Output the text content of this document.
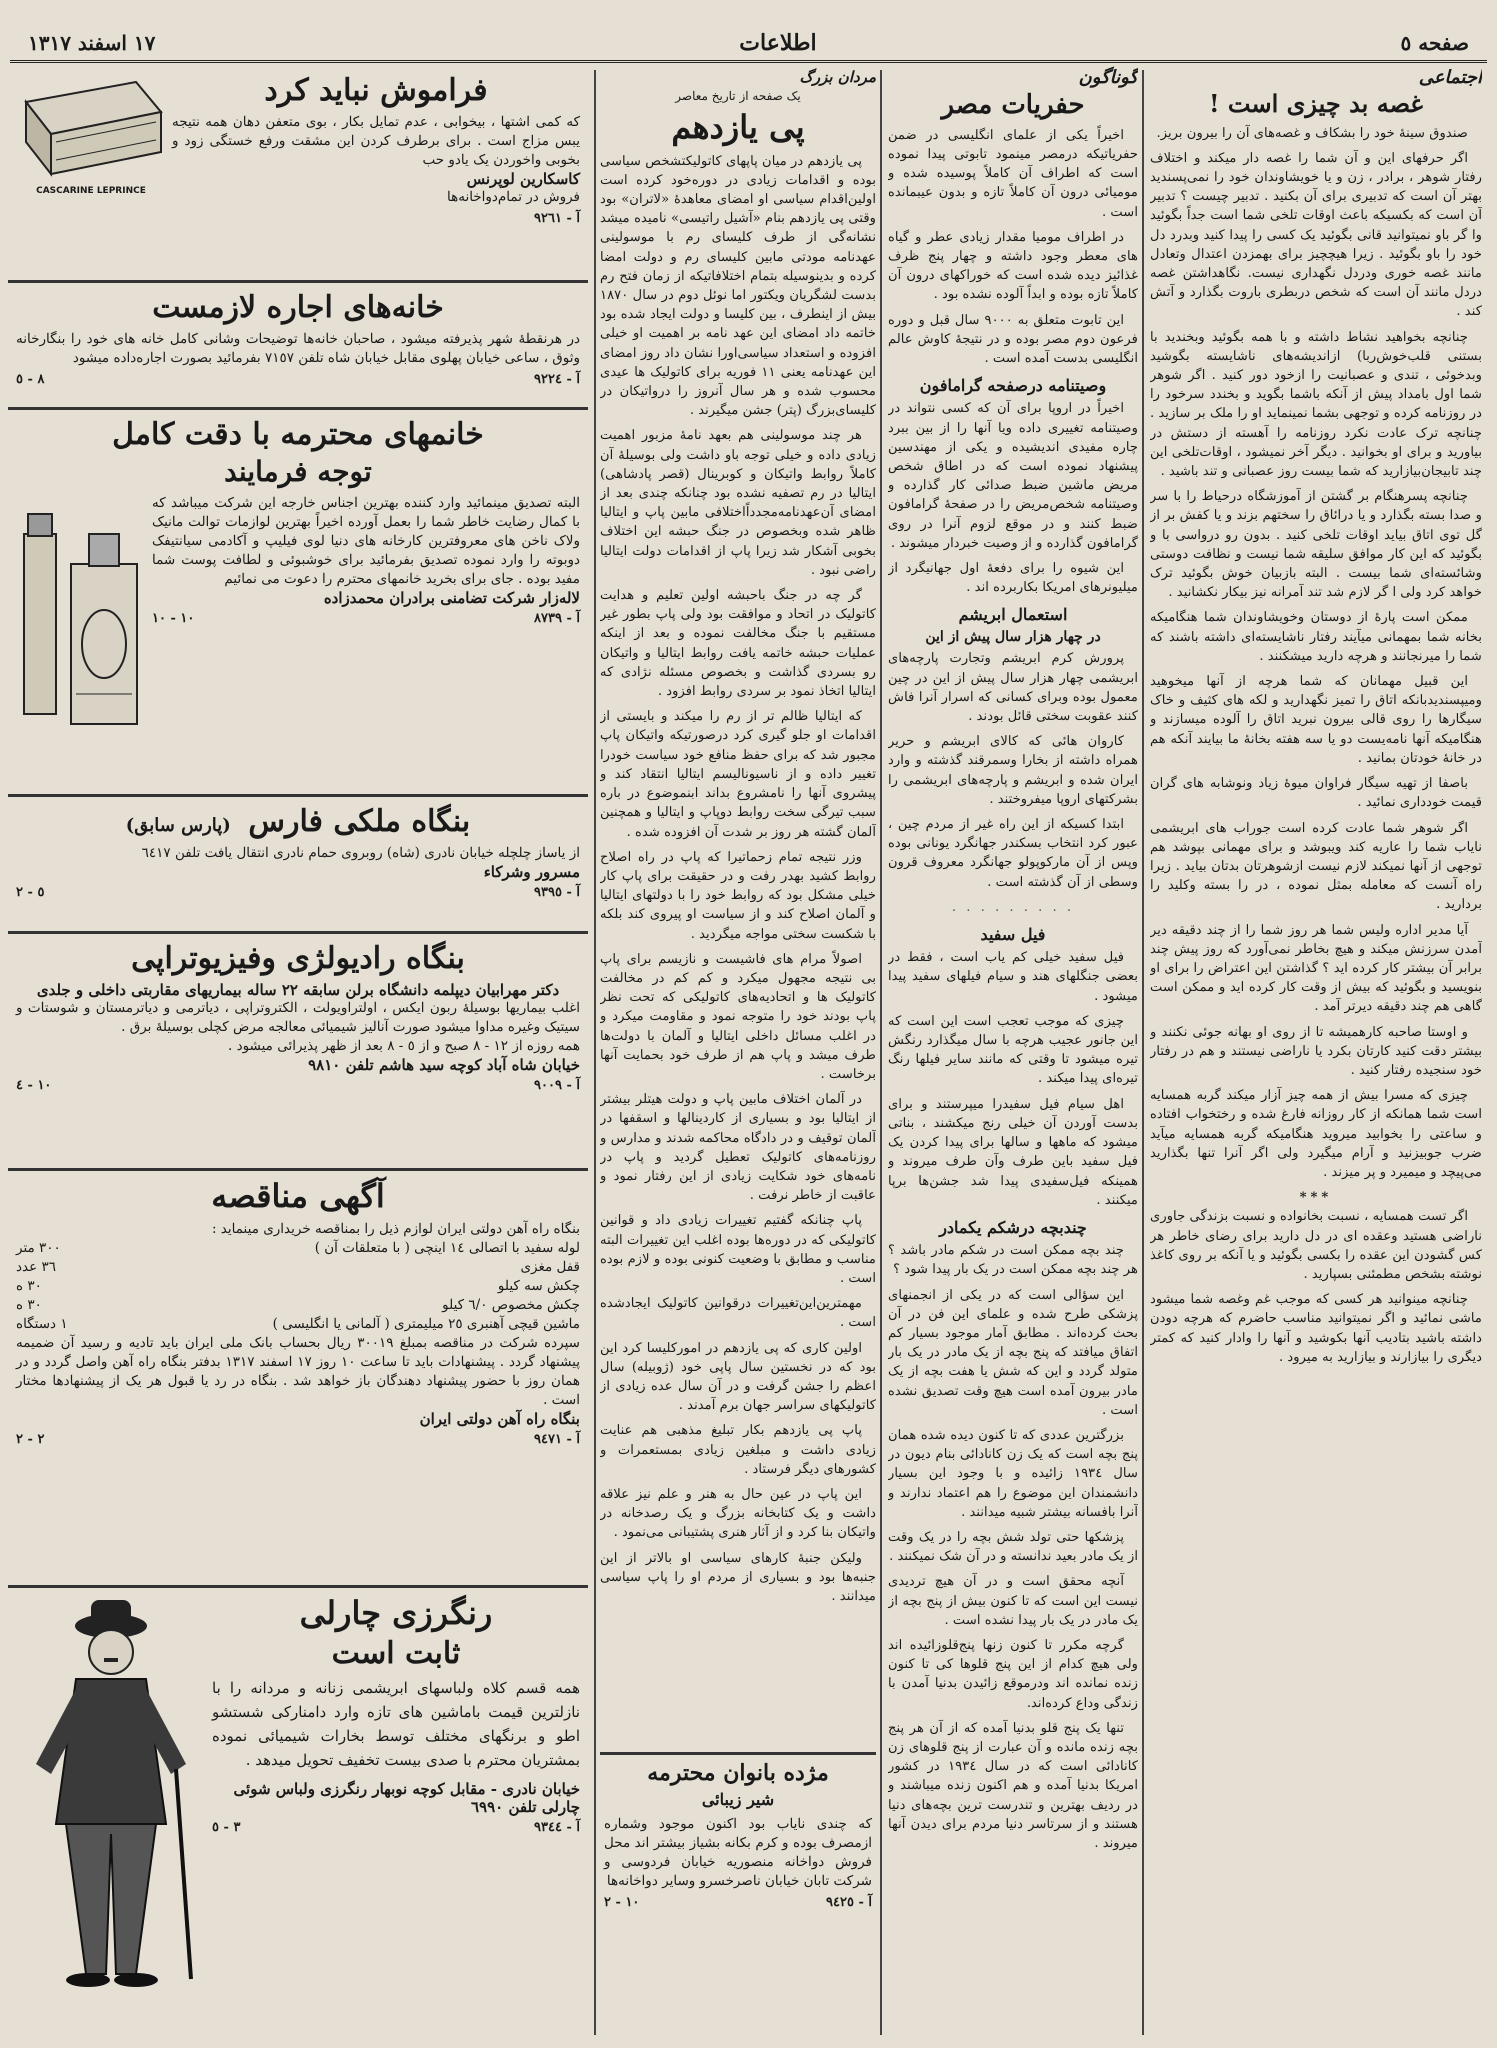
صفحه ٥
اطلاعات
١٧ اسفند ١٣١٧
اجتماعی
غصه بد چیزی است !

صندوق سینهٔ خود را بشکاف و غصه‌های آن را بیرون بریز.

اگر حرفهای این و آن شما را غصه دار میکند و اختلاف رفتار شوهر ، برادر ، زن و یا خویشاوندان خود را نمی‌پسندید بهتر آن است که تدبیری برای آن بکنید . تدبیر چیست ؟ تدبیر آن است که بکسیکه باعث اوقات تلخی شما است جداً بگوئید وا گر باو نمیتوانید قانی بگوئید یک کسی را پیدا کنید وبدرد دل خود را باو بگوئید . زیرا هیچچیز برای بهمزدن اعتدال وتعادل مانند غصه خوری ودردل نگهداری نیست. نگاهداشتن غصه دردل مانند آن است که شخص دربطری باروت بگذارد و آتش کند .

چنانچه بخواهید نشاط داشته و با همه بگوئید وبخندید با بستنی قلب‌خوش‌ربا) ازاندیشه‌های ناشایسته بگوشید وبدخوئی ، تندی و عصبانیت را ازخود دور کنید . اگر شوهر شما اول بامداد پیش از آنکه باشما بگوید و بخندد سرخود را در روزنامه کرده و توجهی بشما نمینماید او را ملک بر سازید . چنانچه ترک عادت نکرد روزنامه را آهسته از دستش در بیاورید و برای او بخوانید . دیگر آخر نمیشود ، اوقات‌تلخی این چند تابیجان‌بیازارید که شما بیست روز عصبانی و تند باشید .

چنانچه پسرهنگام بر گشتن از آموزشگاه درحیاط را با سر و صدا بسته بگذارد و یا درائاق را سختهم بزند و یا کفش بر از گل توی اتاق بیاید اوقات تلخی کنید . بدون رو دروا‌سی با و بگوئید که این کار موافق سلیقه شما نیست و نظافت دوستی وشائسته‌ای شما بیست . البته بازبیان خوش بگوئید ترک خواهد کرد ولی ا گر لازم شد تند آمرانه نیز بیکار نکشانید .

ممکن است پارهٔ از دوستان وخویشاوندان شما هنگامیکه بخانه شما بمهمانی میآیند رفتار ناشایسته‌ای داشته باشند که شما را میرنجانند و هرچه دارید میشکنند .

این قبیل مهمانان که شما هرچه از آنها میخوهید ومیپسندید‌بانکه اتاق را تمیز نگهدارید و لکه های کثیف و خاک سیگارها را روی قالی بیرون نبرید اتاق را آلوده میسازند و هنگامیکه آنها نامه‌یست دو یا سه هفته بخانهٔ ما بیایند آنکه هم در خانهٔ خودتان بمانید .

باصفا از تهیه سیگار فراوان میوهٔ زیاد ونوشابه های گران قیمت خودداری نمائید .

اگر شوهر شما عادت کرده است جوراب های ابریشمی نایاب شما را عاریه کند ویبوشد و برای مهمانی بپوشد هم توجهی از آنها نمیکند لازم نیست ازشوهرتان بدتان بیاید . زیرا راه آنست که معامله بمثل نموده ، در را بسته وکلید را بردارید .

آیا مدیر اداره ولیس شما هر روز شما را از چند دقیقه دیر آمدن سرزنش میکند و هیچ بخاطر نمی‌آورد که روز پیش چند برابر آن بیشتر کار کرده اید ؟ گذاشتن این اعتراض را برای او بنویسید و بگوئید که بیش از وقت کار کرده اید و ممکن است گاهی هم چند دقیقه دیرتر آمد .

و اوستا صاحبه کارهمیشه تا از روی او بهانه جوئی نکنند و بیشتر دقت کنید کارتان بکرد یا ناراضی نیستند و هم در رفتار خود سنجیده رفتار کنید .

چیزی که مسرا بیش از همه چیز آزار میکند گربه همسایه است شما همانکه از کار روزانه فارغ شده و رختخواب افتاده و ساعتی را بخوابید میروید هنگامیکه گربه همسایه میآید ضرب جوبیزنید و آرام میگیرد ولی اگر آنرا تنها بگذارید می‌پیچد و میمیرد و پر میزند .

***

اگر تست همسایه ، نسبت بخانواده و نسبت بزندگی جاوری ناراضی هستید وعقده ای در دل دارید برای رضای خاطر هر کس گشودن این عقده را بکسی بگوئید و یا آنکه بر روی کاغذ نوشته بشخص مطمئنی بسپارید .

چنانچه مینوانید هر کسی که موجب غم وغصه شما میشود ماشی نمائید و اگر نمیتوانید مناسب حاضرم که هرچه دودن داشته باشید بتادیب آنها بکوشید و آنها را وادار کنید که کمتر دیگری را بیازارند و بیازارید به میرود .

گوناگون
حفریات مصر

اخیراً یکی از علمای انگلیسی در ضمن حفریاتیکه درمصر مینمود تابوتی پیدا نموده است که اطراف آن کاملاً پوسیده شده و مومیائی درون آن کاملاً تازه و بدون عیبمانده است .

در اطراف مومیا مقدار زیادی عطر و گیاه های معطر وجود داشته و چهار پنج ظرف غذائیز دیده شده است که خوراکهای درون آن کاملاً تازه بوده و ابداً آلوده نشده بود .

این تابوت متعلق به ٩٠٠٠ سال قبل و دوره فرعون دوم مصر بوده و در نتیجهٔ کاوش عالم انگلیسی بدست آمده است .

وصیتنامه درصفحه گرامافون

اخیراً در اروپا برای آن که کسی نتواند در وصیتنامه تغییری داده ویا آنها را از بین ببرد چاره مفیدی اندیشیده و یکی از مهندسین پیشنهاد نموده است که در اطاق شخص مریض ماشین ضبط صدائی کار گذارده و وصیتنامه شخص‌مریض را در صفحهٔ گرامافون ضبط کنند و در موقع لزوم آنرا در روی گرامافون گذارده و از وصیت خبردار میشوند .

این شیوه را برای دفعهٔ اول جهانیگرد از میلیونرهای امریکا بکاربرده اند .

استعمال ابریشم
در چهار هزار سال پیش از این

پرورش کرم ابریشم وتجارت پارچه‌های ابریشمی چهار هزار سال پیش از این در چین معمول بوده وبرای کسانی که اسرار آنرا فاش کنند عقوبت سختی قائل بودند .

کاروان هائی که کالای ابریشم و حریر همراه داشته از بخارا وسمرقند گذشته و وارد ایران شده و ابریشم و پارچه‌های ابریشمی را بشرکتهای اروپا میفروختند .

ابتدا کسیکه از این راه غیر از مردم چین ، عبور کرد انتخاب بسکندر جهانگرد یونانی بوده وپس از آن مارکوپولو جهانگرد معروف قرون وسطی از آن گذشته است .

. . . . . . . . .
فیل سفید

فیل سفید خیلی کم یاب است ، فقط در بعضی جنگلهای هند و سیام فیلهای سفید پیدا میشود .

چیزی که موجب تعجب است این است که این جانور عجیب هرچه با سال میگذارد رنگش تیره میشود تا وقتی که مانند سایر فیلها رنگ تیره‌ای پیدا میکند .

اهل سیام فیل سفیدرا میپرستند و برای بدست آوردن آن خیلی رنج میکشند ، بناتی میشود که ماهها و سالها برای پیدا کردن یک فیل سفید باین طرف وآن طرف میروند و همینکه فیل‌سفیدی پیدا شد جشن‌ها برپا میکنند .

چندبچه درشکم یکمادر

چند بچه ممکن است در شکم مادر باشد ؟ هر چند بچه ممکن است در یک بار پیدا شود ؟

این سؤالی است که در یکی از انجمنهای پزشکی طرح شده و علمای این فن در آن بحث کرده‌اند . مطابق آمار موجود بسیار کم اتفاق میافتد که پنج بچه از یک مادر در یک بار متولد گردد و این که شش یا هفت بچه از یک مادر بیرون آمده است هیچ وقت تصدیق نشده است .

بزرگترین عددی که تا کنون دیده شده همان پنج بچه است که یک زن کانادائی بنام دیون در سال ١٩٣٤ زائیده و با وجود این بسیار دانشمندان این موضوع را هم اعتماد ندارند و آنرا بافسانه بیشتر شبیه میدانند .

پزشکها حتی تولد شش بچه را در یک وقت از یک مادر بعید ندانسته و در آن شک نمیکنند .

آنچه محقق است و در آن هیچ تردیدی نیست این است که تا کنون بیش از پنج بچه از یک مادر در یک بار پیدا نشده است .

گرچه مکرر تا کنون زنها پنج‌قلوزائیده اند ولی هیچ کدام از این پنج قلوها کی تا کنون زنده نمانده اند ودرموقع زائیدن بدنیا آمدن با زندگی وداع کرده‌اند.

تنها یک پنج قلو بدنیا آمده که از آن هر پنج بچه زنده مانده و آن عبارت از پنج قلوهای زن کانادائی است که در سال ١٩٣٤ در کشور امریکا بدنیا آمده و هم اکنون زنده میباشند و در ردیف بهترین و تندرست ترین بچه‌های دنیا هستند و از سرتاسر دنیا مردم برای دیدن آنها میروند .

مردان بزرگ
یک صفحه از تاریخ معاصر
پی یازدهم

پی یازدهم در میان پاپهای کاتولیکتشخص سیاسی بوده و اقدامات زیادی در دوره‌خود کرده است اولین‌اقدام سیاسی او امضای معاهدهٔ «لاتران» بود وقتی پی یازدهم بنام «آشیل راتیسی» نامیده میشد نشانه‌گی از طرف کلیسای رم با موسولینی عهدنامه مودتی مابین کلیسای رم و دولت امضا کرده و بدینوسیله بتمام اختلافاتیکه از زمان فتح رم بدست لشگریان ویکتور اما نوئل دوم در سال ١٨٧٠ بیش از اینطرف ، بین کلیسا و دولت ایجاد شده بود خاتمه داد امضای این عهد نامه بر اهمیت او خیلی افزوده و استعداد سیاسی‌اورا نشان داد روز امضای این عهدنامه یعنی ١١ فوریه برای کاتولیک ها عیدی محسوب شده و هر سال آنروز را درواتیکان در کلیسای‌بزرگ (پتر) جشن میگیرند .

هر چند موسولینی هم بعهد نامهٔ مزبور اهمیت زیادی داده و خیلی توجه باو داشت ولی بوسیلهٔ آن کاملاً روابط واتیکان و کوبرینال‌ (قصر پادشاهی) ایتالیا در رم تصفیه نشده بود چنانکه چندی بعد از امضای آن‌عهدنامه‌مجدداً‌اختلافی مابین پاپ و ایتالیا ظاهر شده وبخصوص در جنگ حبشه این اختلاف بخوبی آشکار شد زیرا پاپ از اقدامات دولت ایتالیا راضی نبود .

گر چه در جنگ باحبشه اولین تعلیم و هدایت کاتولیک در اتحاد و موافقت بود ولی پاپ بطور غیر مستقیم با جنگ مخالفت نموده و بعد از اینکه عملیات حبشه خاتمه یافت روابط ایتالیا و واتیکان رو بسردی گذاشت و بخصوص مسئله نژادی که ایتالیا اتخاذ نمود بر سردی روابط افزود .

که ایتالیا ظالم تر از رم را میکند و بایستی از اقدامات او جلو گیری کرد درصورتیکه واتیکان پاپ مجبور شد که برای حفظ منافع خود سیاست خودرا تغییر داده و از ناسیونالیسم ایتالیا انتقاد کند و پیشروی آنها را نامشروع بداند ابنموضوع در باره سبب تیرگی سخت روابط دوپاپ و ایتالیا و همچنین آلمان گشته هر روز بر شدت آن افزوده شده .

وزر نتیجه تمام زحماتیرا که پاپ در راه اصلاح روابط کشید بهدر رفت و در حقیقت برای پاپ کار خیلی مشکل بود که روابط خود را با دولتهای ایتالیا و آلمان اصلاح کند و از سیاست او پیروی کند بلکه با شکست سختی مواجه میگردید .

اصولاً مرام های فاشیست و نازیسم برای پاپ بی نتیجه مجهول میکرد و کم کم در مخالفت کاتولیک ها و اتحادیه‌های کاتولیکی که تحت نظر پاپ بودند خود را متوجه نمود و مقاومت میکرد و در اغلب مسائل داخلی ایتالیا و آلمان با دولت‌ها طرف میشد و پاپ هم از طرف خود بحمایت آنها برخاست .

در آلمان اختلاف مابین پاپ و دولت هیتلر بیشتر از ایتالیا بود و بسیاری از کاردینالها و اسقفها در آلمان توقیف و در دادگاه محاکمه شدند و مدارس و روزنامه‌های کاتولیک تعطیل گردید و پاپ در نامه‌های خود شکایت زیادی از این رفتار نمود و عاقبت از خاطر نرفت .

پاپ چنانکه گفتیم تغییرات زیادی داد و قوانین کاتولیکی که در دوره‌ها بوده اغلب این تغییرات البته مناسب و مطابق با وضعیت کنونی بوده و لازم بوده است .

مهمترین‌این‌تغییرات درقوانین کاتولیک ایجادشده است .

اولین کاری که پی یازدهم در امورکلیسا کرد این بود که در نخستین سال پاپی خود (ژوبیله) سال اعظم را جشن گرفت و در آن سال عده زیادی از کاتولیکهای سراسر جهان برم آمدند .

پاپ پی یازدهم بکار تبلیغ مذهبی هم عنایت زیادی داشت و مبلغین زیادی بمستعمرات و کشورهای دیگر فرستاد .

این پاپ در عین حال به هنر و علم نیز علاقه داشت و یک کتابخانه بزرگ و یک رصدخانه در واتیکان بنا کرد و از آثار هنری پشتیبانی می‌نمود .

ولیکن جنبهٔ کارهای سیاسی او بالاتر از این جنبه‌ها بود و بسیاری از مردم او را پاپ سیاسی میدانند .

مژده بانوان محترمه
شیر زیبائی
که چندی نایاب بود اکنون موجود وشماره ازمصرف بوده و کرم بکانه بشیاز بیشتر اند محل فروش دواخانه منصوریه خیابان فردوسی و شرکت تابان خیابان ناصرخسرو وسایر دواخانه‌ها
آ - ٩٤٢٥
١٠ - ٢
CASCARINE LEPRINCE
فراموش نباید کرد
که کمی اشتها ، بیخوابی ، عدم تمایل بکار ، بوی متعفن دهان همه نتیجه یبس مزاج است . برای برطرف کردن این مشقت ورفع خستگی زود و بخوبی واخوردن یک یادو حب
کاسکارین لوپرنس
فروش در تمام‌دواخانه‌ها
آ - ٩٢٦١
خانه‌های اجاره لازمست
در هرنقطهٔ شهر پذیرفته میشود ، صاحبان خانه‌ها توضیحات وشانی کامل خانه های خود را بنگارخانه وثوق ، ساعی خیابان پهلوی مقابل خیابان شاه تلفن ٧١٥٧ بفرمائید بصورت اجاره‌داده میشود
آ - ٩٢٢٤
٨ - ٥
خانمهای محترمه با دقت کامل
توجه فرمایند
البته تصدیق مینمائید وارد کننده بهترین اجناس خارجه این شرکت میباشد که با کمال رضایت خاطر شما را بعمل آورده اخیراً بهترین لوازمات توالت مانیک ولاک ناخن های معروفترین کارخانه های دنیا لوی فیلیپ و آکادمی سیانتیفک دوبوته را وارد نموده تصدیق بفرمائید برای خوشبوئی و لطافت پوست شما مفید بوده . جای برای بخرید خانمهای محترم را دعوت می نمائیم
لاله‌زار شرکت تضامنی برادران محمدزاده
آ - ٨٧٣٩
١٠ - ١٠
بنگاه ملکی فارس (پارس سابق)
از یاساز چلچله خیابان نادری (شاه) روبروی حمام نادری انتقال یافت تلفن ٦٤١٧
مسرور وشرکاء
آ - ٩٣٩٥
٥ - ٢
بنگاه رادیولژی وفیزیوتراپی
دکتر مهرابیان دیپلمه دانشگاه برلن سابقه ٢٢ ساله بیماریهای مقاربتی داخلی و جلدی
اغلب بیماریها بوسیلهٔ ربون ایکس ، اولتراویولت ، الکتروتراپی ، دیاترمی و دیاترمستان و شوستات و سیتیک وغیره مداوا میشود صورت آنالیز شیمیائی معالجه مرض کچلی بوسیلهٔ برق .
همه روزه از ١٢ - ٨ صبح و از ٥ - ٨ بعد از ظهر پذیرائی میشود .
خیابان شاه آباد کوچه سید هاشم تلفن ٩٨١٠
آ - ٩٠٠٩
١٠ - ٤
آگهی مناقصه
بنگاه راه آهن دولتی ایران لوازم ذیل را بمناقصه خریداری مینماید :
لوله سفید با اتصالی ١٤ اینچی ( با متعلقات آن )
٣٠٠ متر
قفل مغزی
٣٦ عدد
چکش سه کیلو
٣٠ ه
چکش مخصوص ٦/٠ کیلو
٣٠ ه
ماشین قیچی آهنبری ٢٥ میلیمتری ( آلمانی یا انگلیسی )
١ دستگاه
سپرده شرکت در مناقصه بمبلغ ٣٠٠١٩ ریال بحساب بانک ملی ایران باید تادیه و رسید آن ضمیمه پیشنهاد گردد . پیشنهادات باید تا ساعت ١٠ روز ١٧ اسفند ١٣١٧ بدفتر بنگاه راه آهن واصل گردد و در همان روز با حضور پیشنهاد دهندگان باز خواهد شد . بنگاه در رد یا قبول هر یک از پیشنهادها مختار است .
بنگاه راه آهن دولتی ایران
آ - ٩٤٧١
٢ - ٢
رنگرزی چارلی
ثابت است
همه قسم کلاه ولباسهای ابریشمی زنانه و مردانه را با نازلترین قیمت باماشین های تازه وارد دامنارکی شستشو اطو و برنگهای مختلف توسط بخارات شیمیائی نموده بمشتریان محترم با صدی بیست تخفیف تحویل میدهد .
خیابان نادری - مقابل کوچه نوبهار رنگرزی ولباس شوئی چارلی تلفن ٦٩٩٠
آ - ٩٣٤٤
٣ - ٥
